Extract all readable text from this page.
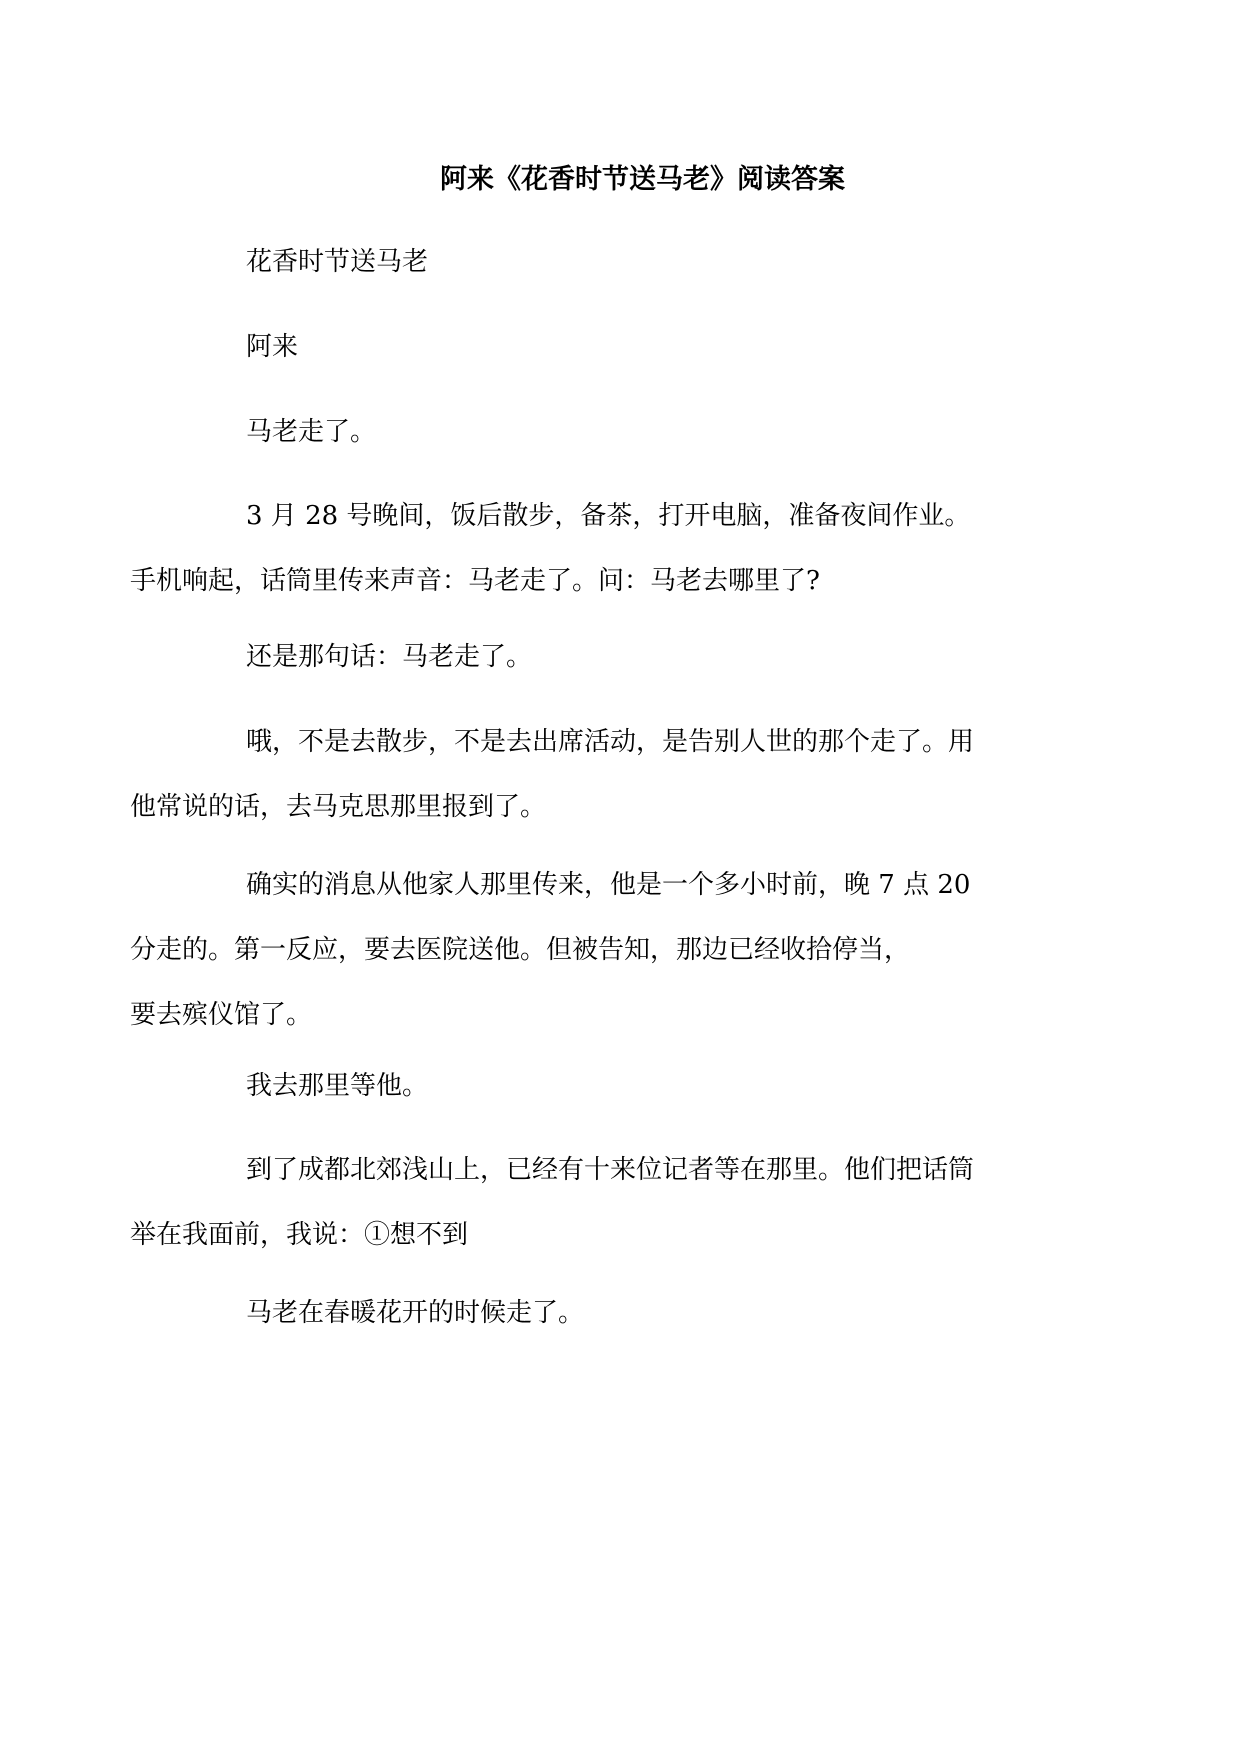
阿来《花香时节送马老》阅读答案

花香时节送马老

阿来

马老走了。

3 月 28 号晚间，饭后散步，备茶，打开电脑，准备夜间作业。
手机响起，话筒里传来声音：马老走了。问：马老去哪里了?

还是那句话：马老走了。

哦，不是去散步，不是去出席活动，是告别人世的那个走了。用
他常说的话，去马克思那里报到了。

确实的消息从他家人那里传来，他是一个多小时前，晚 7 点 20
分走的。第一反应，要去医院送他。但被告知，那边已经收拾停当，
要去殡仪馆了。

我去那里等他。

到了成都北郊浅山上，已经有十来位记者等在那里。他们把话筒
举在我面前，我说：①想不到

马老在春暖花开的时候走了。
